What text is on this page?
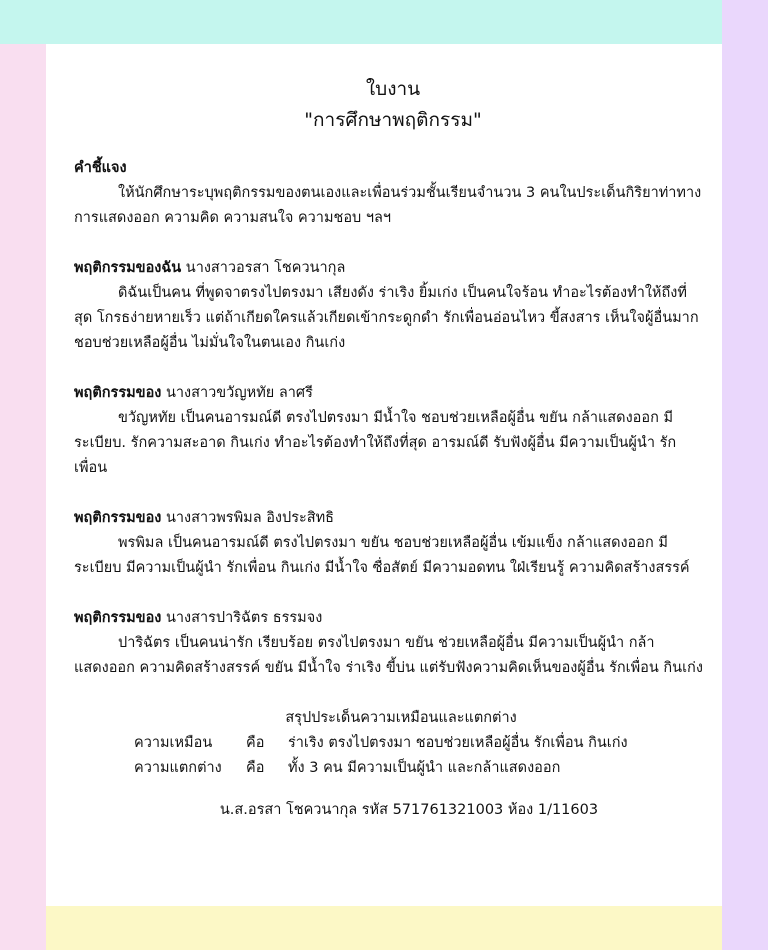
ใบงาน
"การศึกษาพฤติกรรม"
คำชี้แจง
ให้นักศึกษาระบุพฤติกรรมของตนเองและเพื่อนร่วมชั้นเรียนจำนวน 3 คนในประเด็นกิริยาท่าทาง การแสดงออก ความคิด ความสนใจ ความชอบ ฯลฯ
พฤติกรรมของฉัน นางสาวอรสา โชควนากุล
ดิฉันเป็นคน ที่พูดจาตรงไปตรงมา เสียงดัง ร่าเริง ยิ้มเก่ง เป็นคนใจร้อน ทำอะไรต้องทำให้ถึงที่สุด โกรธง่ายหายเร็ว แต่ถ้าเกียดใครแล้วเกียดเข้ากระดูกดำ รักเพื่อนอ่อนไหว ขี้สงสาร เห็นใจผู้อื่นมาก ชอบช่วยเหลือผู้อื่น ไม่มั่นใจในตนเอง กินเก่ง
พฤติกรรมของ นางสาวขวัญหทัย ลาศรี
ขวัญหทัย เป็นคนอารมณ์ดี ตรงไปตรงมา มีน้ำใจ ชอบช่วยเหลือผู้อื่น ขยัน กล้าแสดงออก มีระเบียบ. รักความสะอาด กินเก่ง ทำอะไรต้องทำให้ถึงที่สุด อารมณ์ดี รับฟังผู้อื่น มีความเป็นผู้นำ รักเพื่อน
พฤติกรรมของ นางสาวพรพิมล อิงประสิทธิ
พรพิมล เป็นคนอารมณ์ดี ตรงไปตรงมา ขยัน ชอบช่วยเหลือผู้อื่น เข้มแข็ง กล้าแสดงออก มีระเบียบ มีความเป็นผู้นำ รักเพื่อน กินเก่ง มีน้ำใจ ซื่อสัตย์ มีความอดทน ใฝ่เรียนรู้ ความคิดสร้างสรรค์
พฤติกรรมของ นางสารปาริฉัตร ธรรมจง
ปาริฉัตร เป็นคนน่ารัก เรียบร้อย ตรงไปตรงมา ขยัน ช่วยเหลือผู้อื่น มีความเป็นผู้นำ กล้าแสดงออก ความคิดสร้างสรรค์ ขยัน มีน้ำใจ ร่าเริง ขี้บ่น แต่รับฟังความคิดเห็นของผู้อื่น รักเพื่อน กินเก่ง
สรุปประเด็นความเหมือนและแตกต่าง
ความเหมือน	คือ	ร่าเริง ตรงไปตรงมา ชอบช่วยเหลือผู้อื่น รักเพื่อน กินเก่ง
ความแตกต่าง	คือ	ทั้ง 3 คน มีความเป็นผู้นำ และกล้าแสดงออก
น.ส.อรสา โชควนากุล รหัส 571761321003 ห้อง 1/11603
